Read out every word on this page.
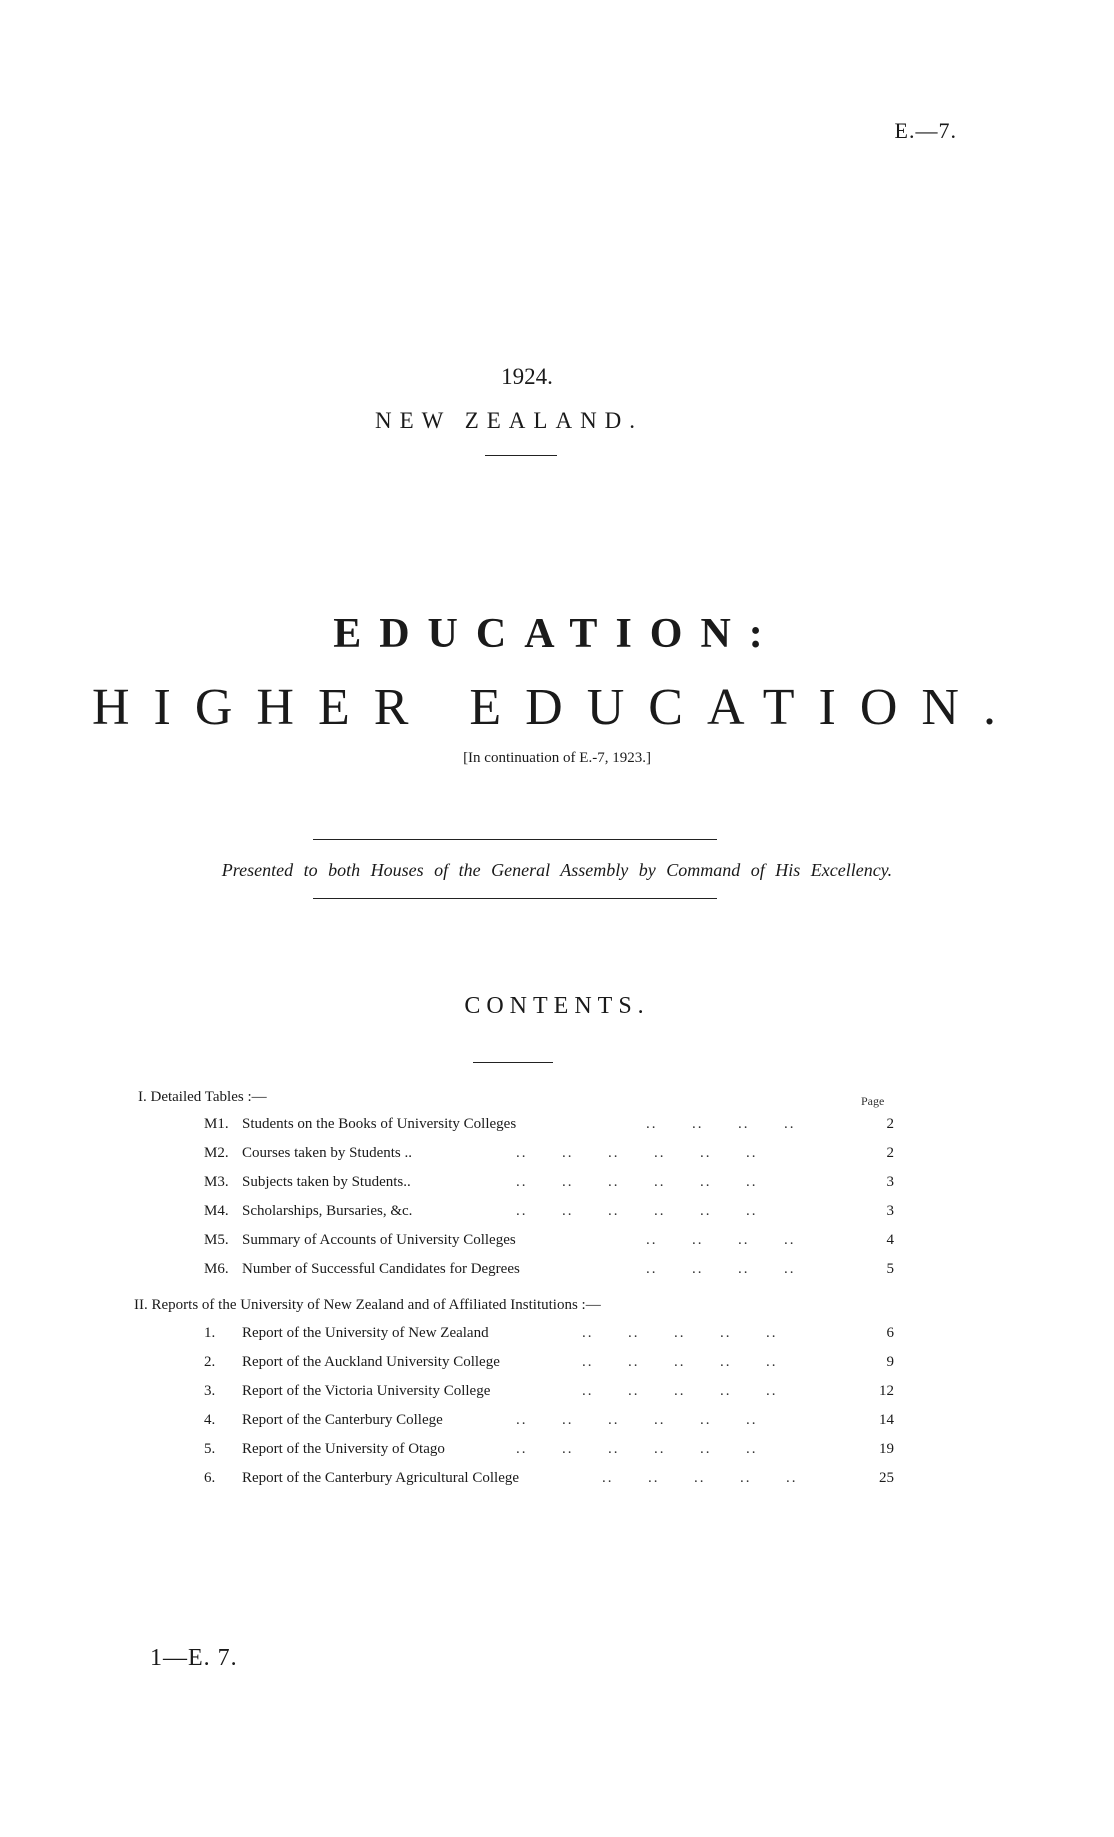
E.—7.
1924.
NEW ZEALAND.
EDUCATION:
HIGHER EDUCATION.
[In continuation of E.-7, 1923.]
Presented to both Houses of the General Assembly by Command of His Excellency.
CONTENTS.
Page
I. Detailed Tables :—
M1. Students on the Books of University Colleges	..      ..      ..      ..	2
M2. Courses taken by Students ..	..      ..      ..      ..      ..      ..	2
M3. Subjects taken by Students..	..      ..      ..      ..      ..      ..	3
M4. Scholarships, Bursaries, &c.	..      ..      ..      ..      ..      ..	3
M5. Summary of Accounts of University Colleges	..      ..      ..      ..	4
M6. Number of Successful Candidates for Degrees	..      ..      ..      ..	5
II. Reports of the University of New Zealand and of Affiliated Institutions :—
1. Report of the University of New Zealand	..      ..      ..      ..      ..	6
2. Report of the Auckland University College	..      ..      ..      ..      ..	9
3. Report of the Victoria University College	..      ..      ..      ..      ..	12
4. Report of the Canterbury College	..      ..      ..      ..      ..      ..	14
5. Report of the University of Otago	..      ..      ..      ..      ..      ..	19
6. Report of the Canterbury Agricultural College	..      ..      ..      ..      ..	25
1—E. 7.
